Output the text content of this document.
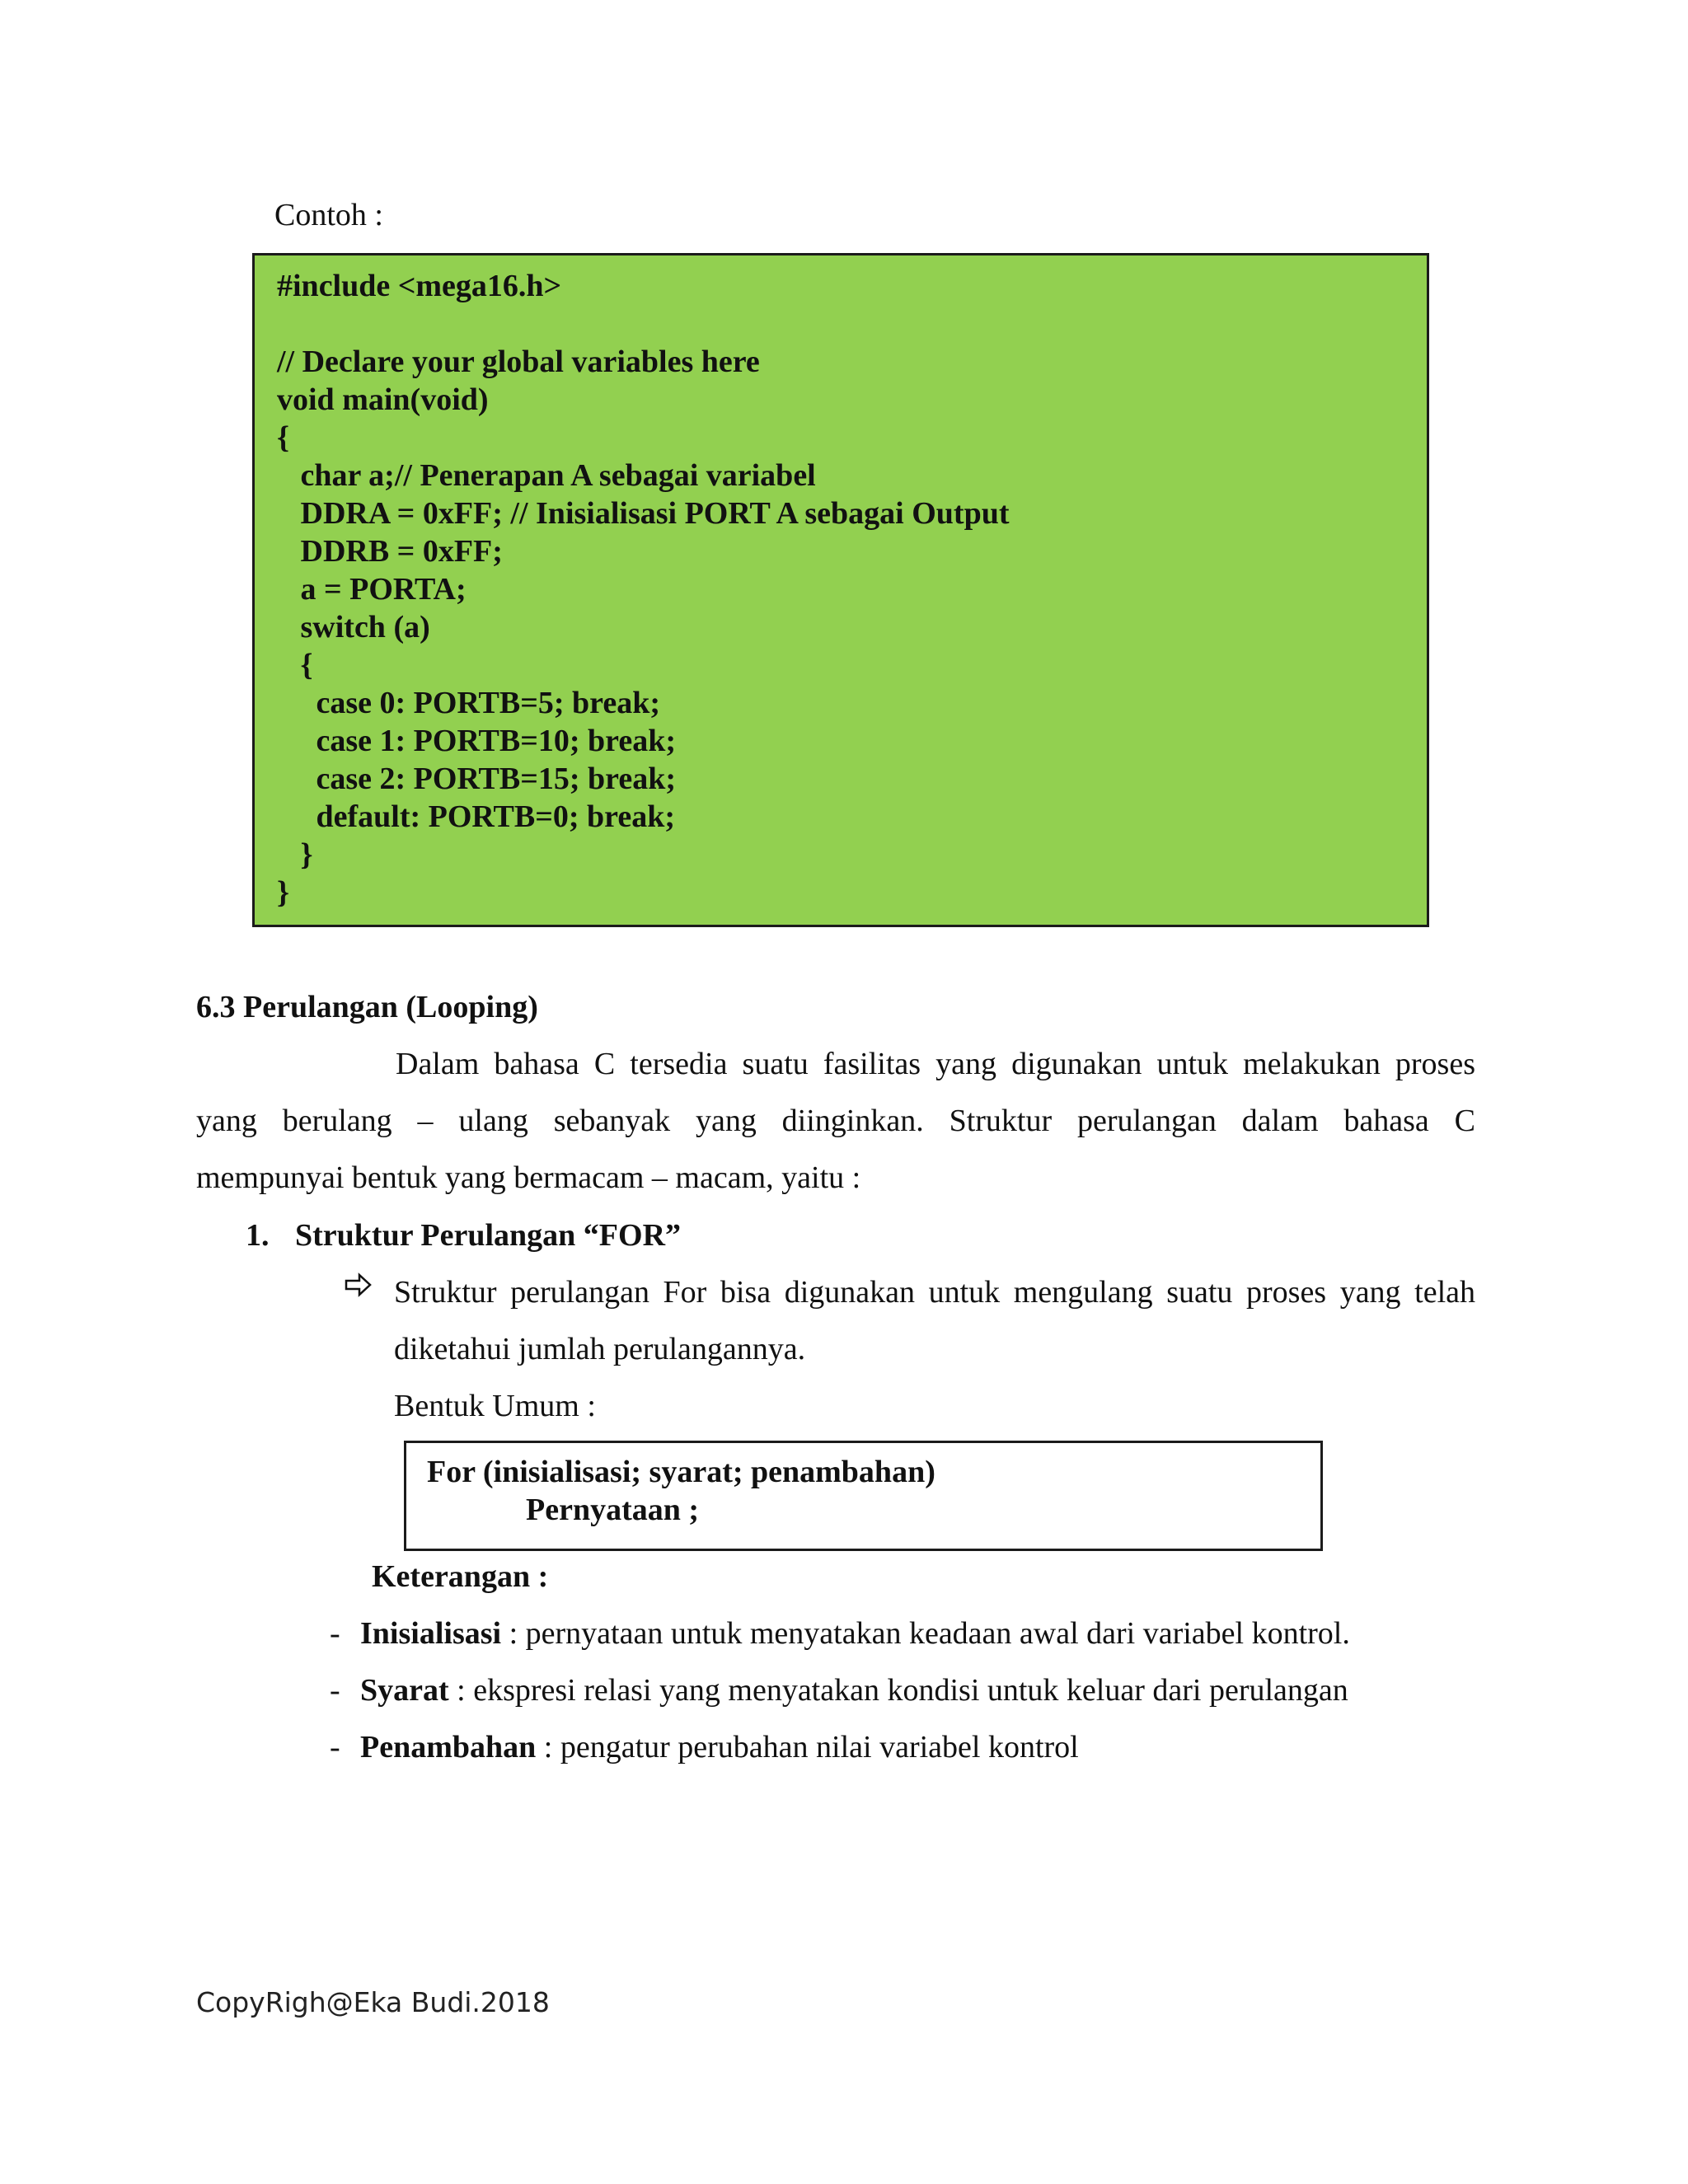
Contoh :
#include <mega16.h>
// Declare your global variables here
void main(void)
{
char a;// Penerapan A sebagai variabel
DDRA = 0xFF; // Inisialisasi PORT A sebagai Output
DDRB = 0xFF;
a = PORTA;
switch (a)
{
case 0: PORTB=5; break;
case 1: PORTB=10; break;
case 2: PORTB=15; break;
default: PORTB=0; break;
}
}
6.3 Perulangan (Looping)
Dalam bahasa C tersedia suatu fasilitas yang digunakan untuk melakukan proses
yang berulang – ulang sebanyak yang diinginkan. Struktur perulangan dalam bahasa C
mempunyai bentuk yang bermacam – macam, yaitu :
1. Struktur Perulangan “FOR”
Struktur perulangan For bisa digunakan untuk mengulang suatu proses yang telah
diketahui jumlah perulangannya.
Bentuk Umum :
For (inisialisasi; syarat; penambahan)
Pernyataan ;
Keterangan :
- Inisialisasi : pernyataan untuk menyatakan keadaan awal dari variabel kontrol.
- Syarat : ekspresi relasi yang menyatakan kondisi untuk keluar dari perulangan
- Penambahan : pengatur perubahan nilai variabel kontrol
CopyRigh@Eka Budi.2018
